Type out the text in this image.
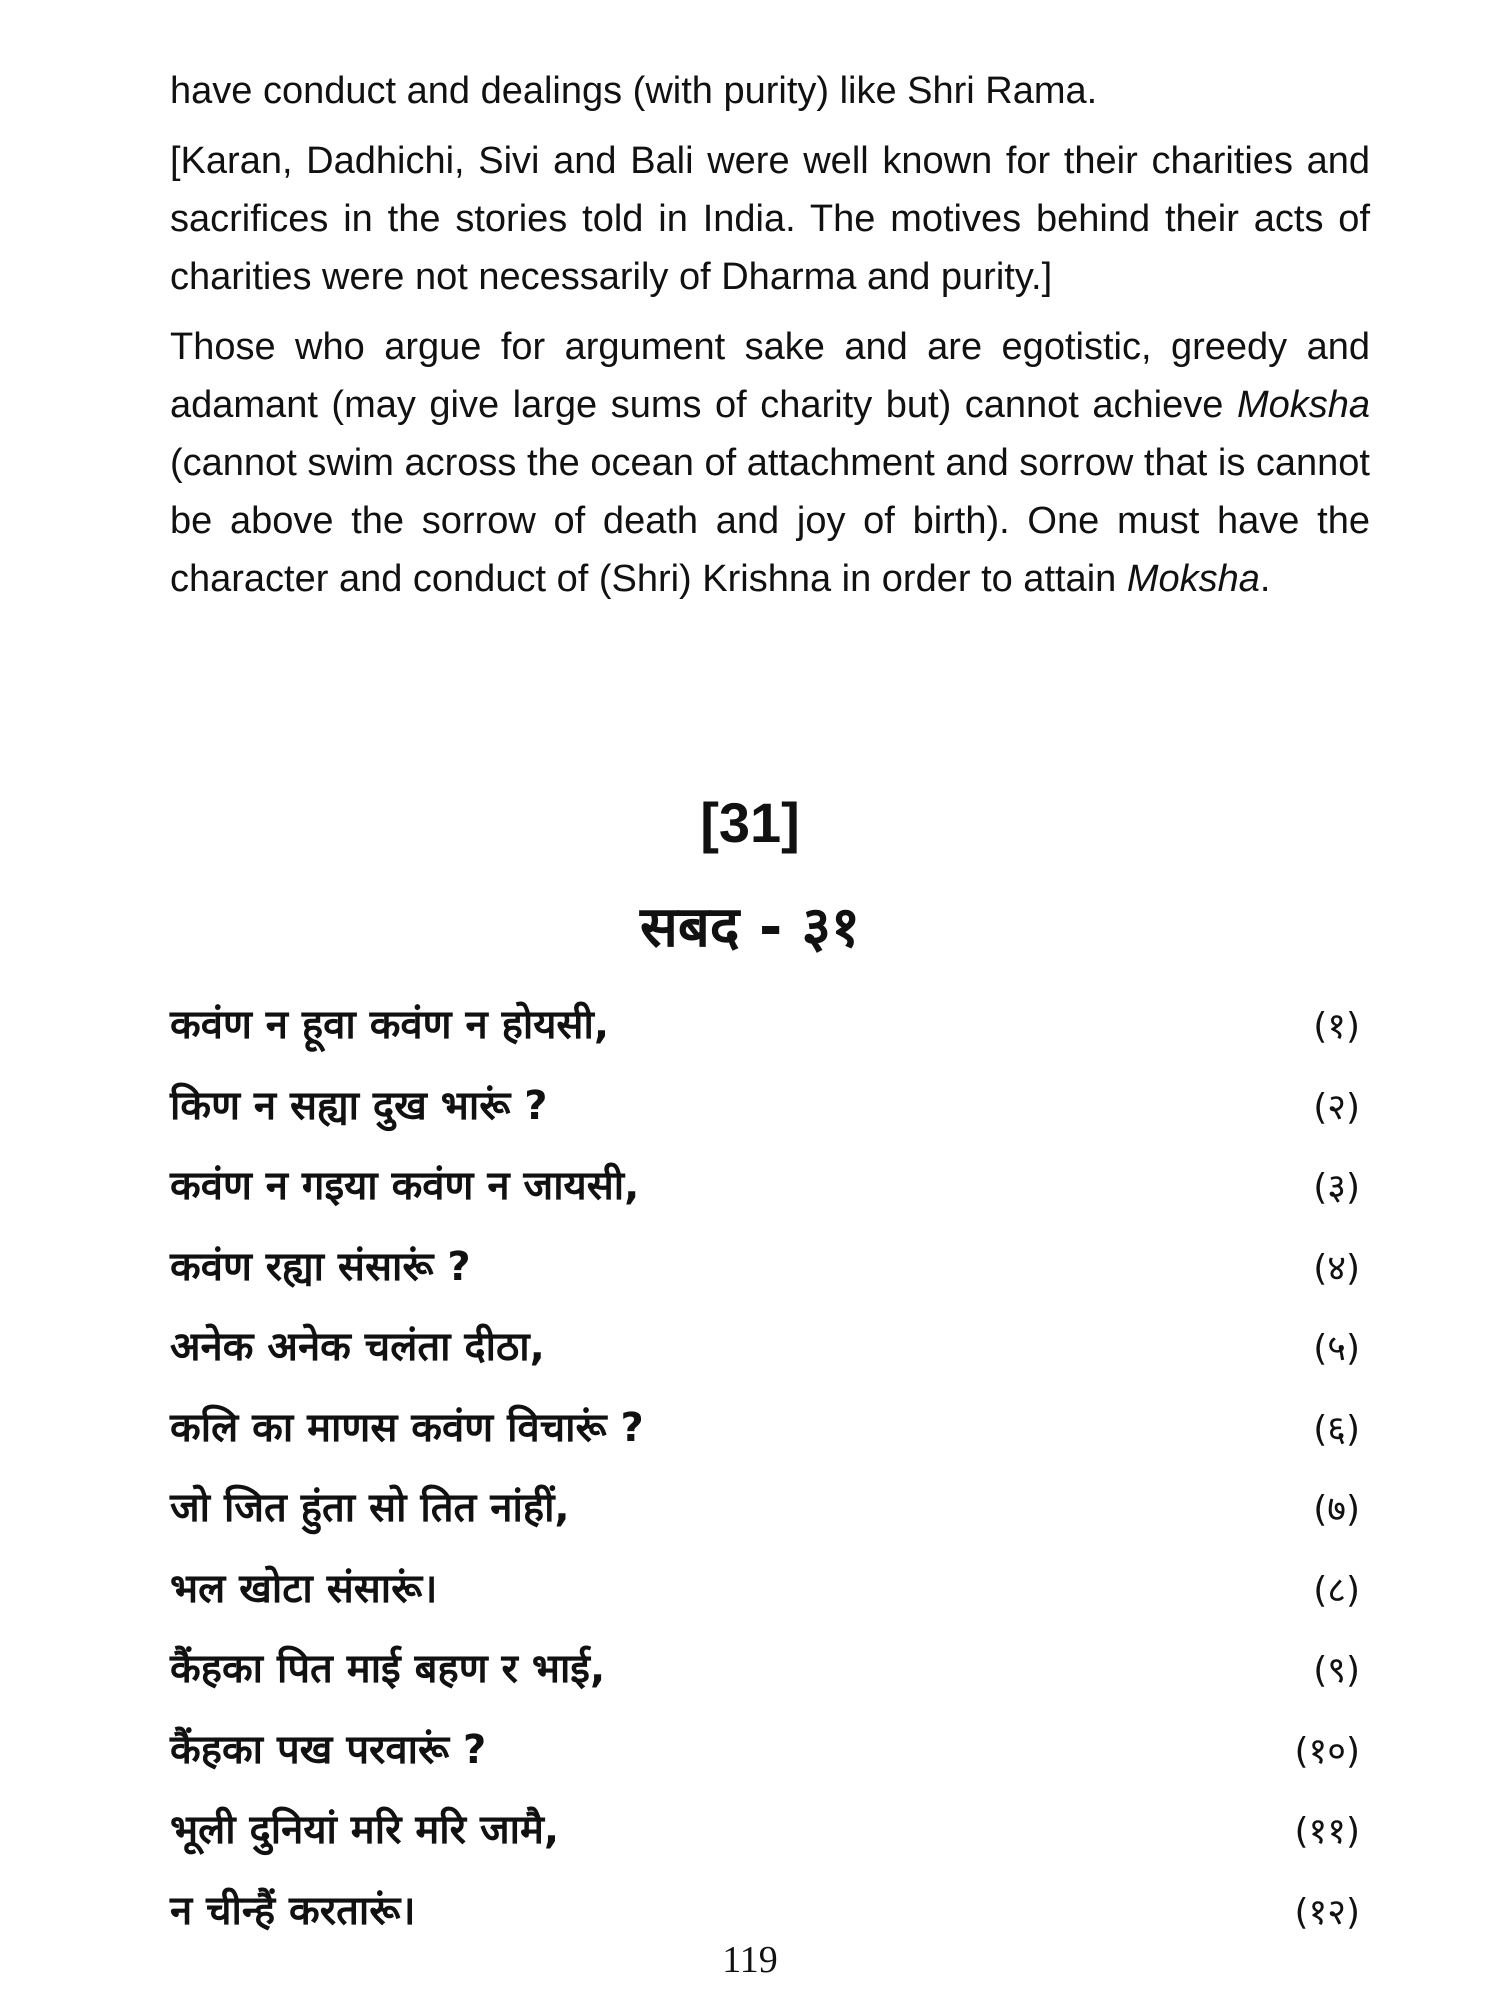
have conduct and dealings (with purity) like Shri Rama.

[Karan, Dadhichi, Sivi and Bali were well known for their charities and sacrifices in the stories told in India. The motives behind their acts of charities were not necessarily of Dharma and purity.]

Those who argue for argument sake and are egotistic, greedy and adamant (may give large sums of charity but) cannot achieve Moksha (cannot swim across the ocean of attachment and sorrow that is cannot be above the sorrow of death and joy of birth). One must have the character and conduct of (Shri) Krishna in order to attain Moksha.

[31]
सबद - ३१
कवंण न हूवा कवंण न होयसी,	(१)
किण न सह्या दुख भारूं ?	(२)
कवंण न गइया कवंण न जायसी,	(३)
कवंण रह्या संसारूं ?	(४)
अनेक अनेक चलंता दीठा,	(५)
कलि का माणस कवंण विचारूं ?	(६)
जो जित हुंता सो तित नांहीं,	(७)
भल खोटा संसारूं।	(८)
कैंहका पित माई बहण र भाई,	(९)
कैंहका पख परवारूं ?	(१०)
भूली दुनियां मरि मरि जामै,	(११)
न चीन्हैं करतारूं।	(१२)
119
